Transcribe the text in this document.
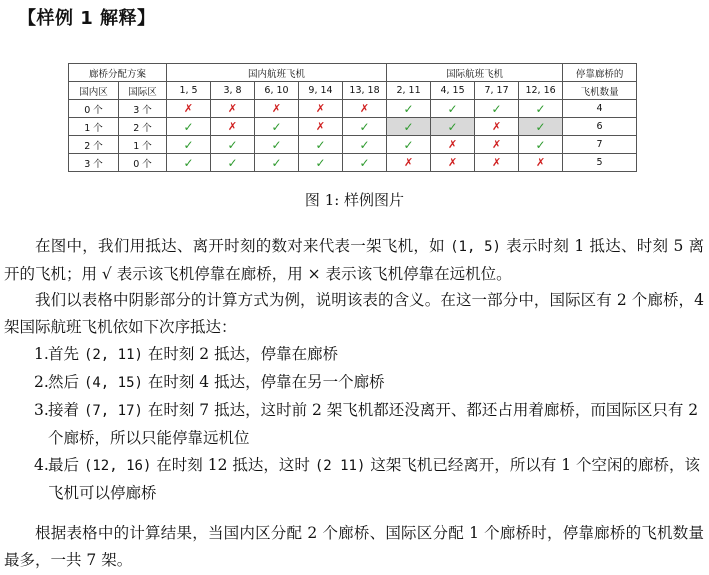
【样例 1 解释】
廊桥分配方案		国内航班飞机					国际航班飞机				停靠廊桥的
国内区	国际区	1, 5	3, 8	6, 10	9, 14	13, 18	2, 11	4, 15	7, 17	12, 16	飞机数量
0 个	3 个	✗	✗	✗	✗	✗	✓	✓	✓	✓	4
1 个	2 个	✓	✗	✓	✗	✓	✓	✓	✗	✓	6
2 个	1 个	✓	✓	✓	✓	✓	✓	✗	✗	✓	7
3 个	0 个	✓	✓	✓	✓	✓	✗	✗	✗	✗	5
图 1: 样例图片

在图中，我们用抵达、离开时刻的数对来代表一架飞机，如 (1, 5) 表示时刻 1 抵达、时刻 5 离开的飞机；用 √ 表示该飞机停靠在廊桥，用 × 表示该飞机停靠在远机位。

我们以表格中阴影部分的计算方式为例，说明该表的含义。在这一部分中，国际区有 2 个廊桥，4 架国际航班飞机依如下次序抵达：

1. 首先 (2, 11) 在时刻 2 抵达，停靠在廊桥
2. 然后 (4, 15) 在时刻 4 抵达，停靠在另一个廊桥
3. 接着 (7, 17) 在时刻 7 抵达，这时前 2 架飞机都还没离开、都还占用着廊桥，而国际区只有 2 个廊桥，所以只能停靠远机位
4. 最后 (12, 16) 在时刻 12 抵达，这时 (2 11) 这架飞机已经离开，所以有 1 个空闲的廊桥，该飞机可以停廊桥

根据表格中的计算结果，当国内区分配 2 个廊桥、国际区分配 1 个廊桥时，停靠廊桥的飞机数量最多，一共 7 架。
